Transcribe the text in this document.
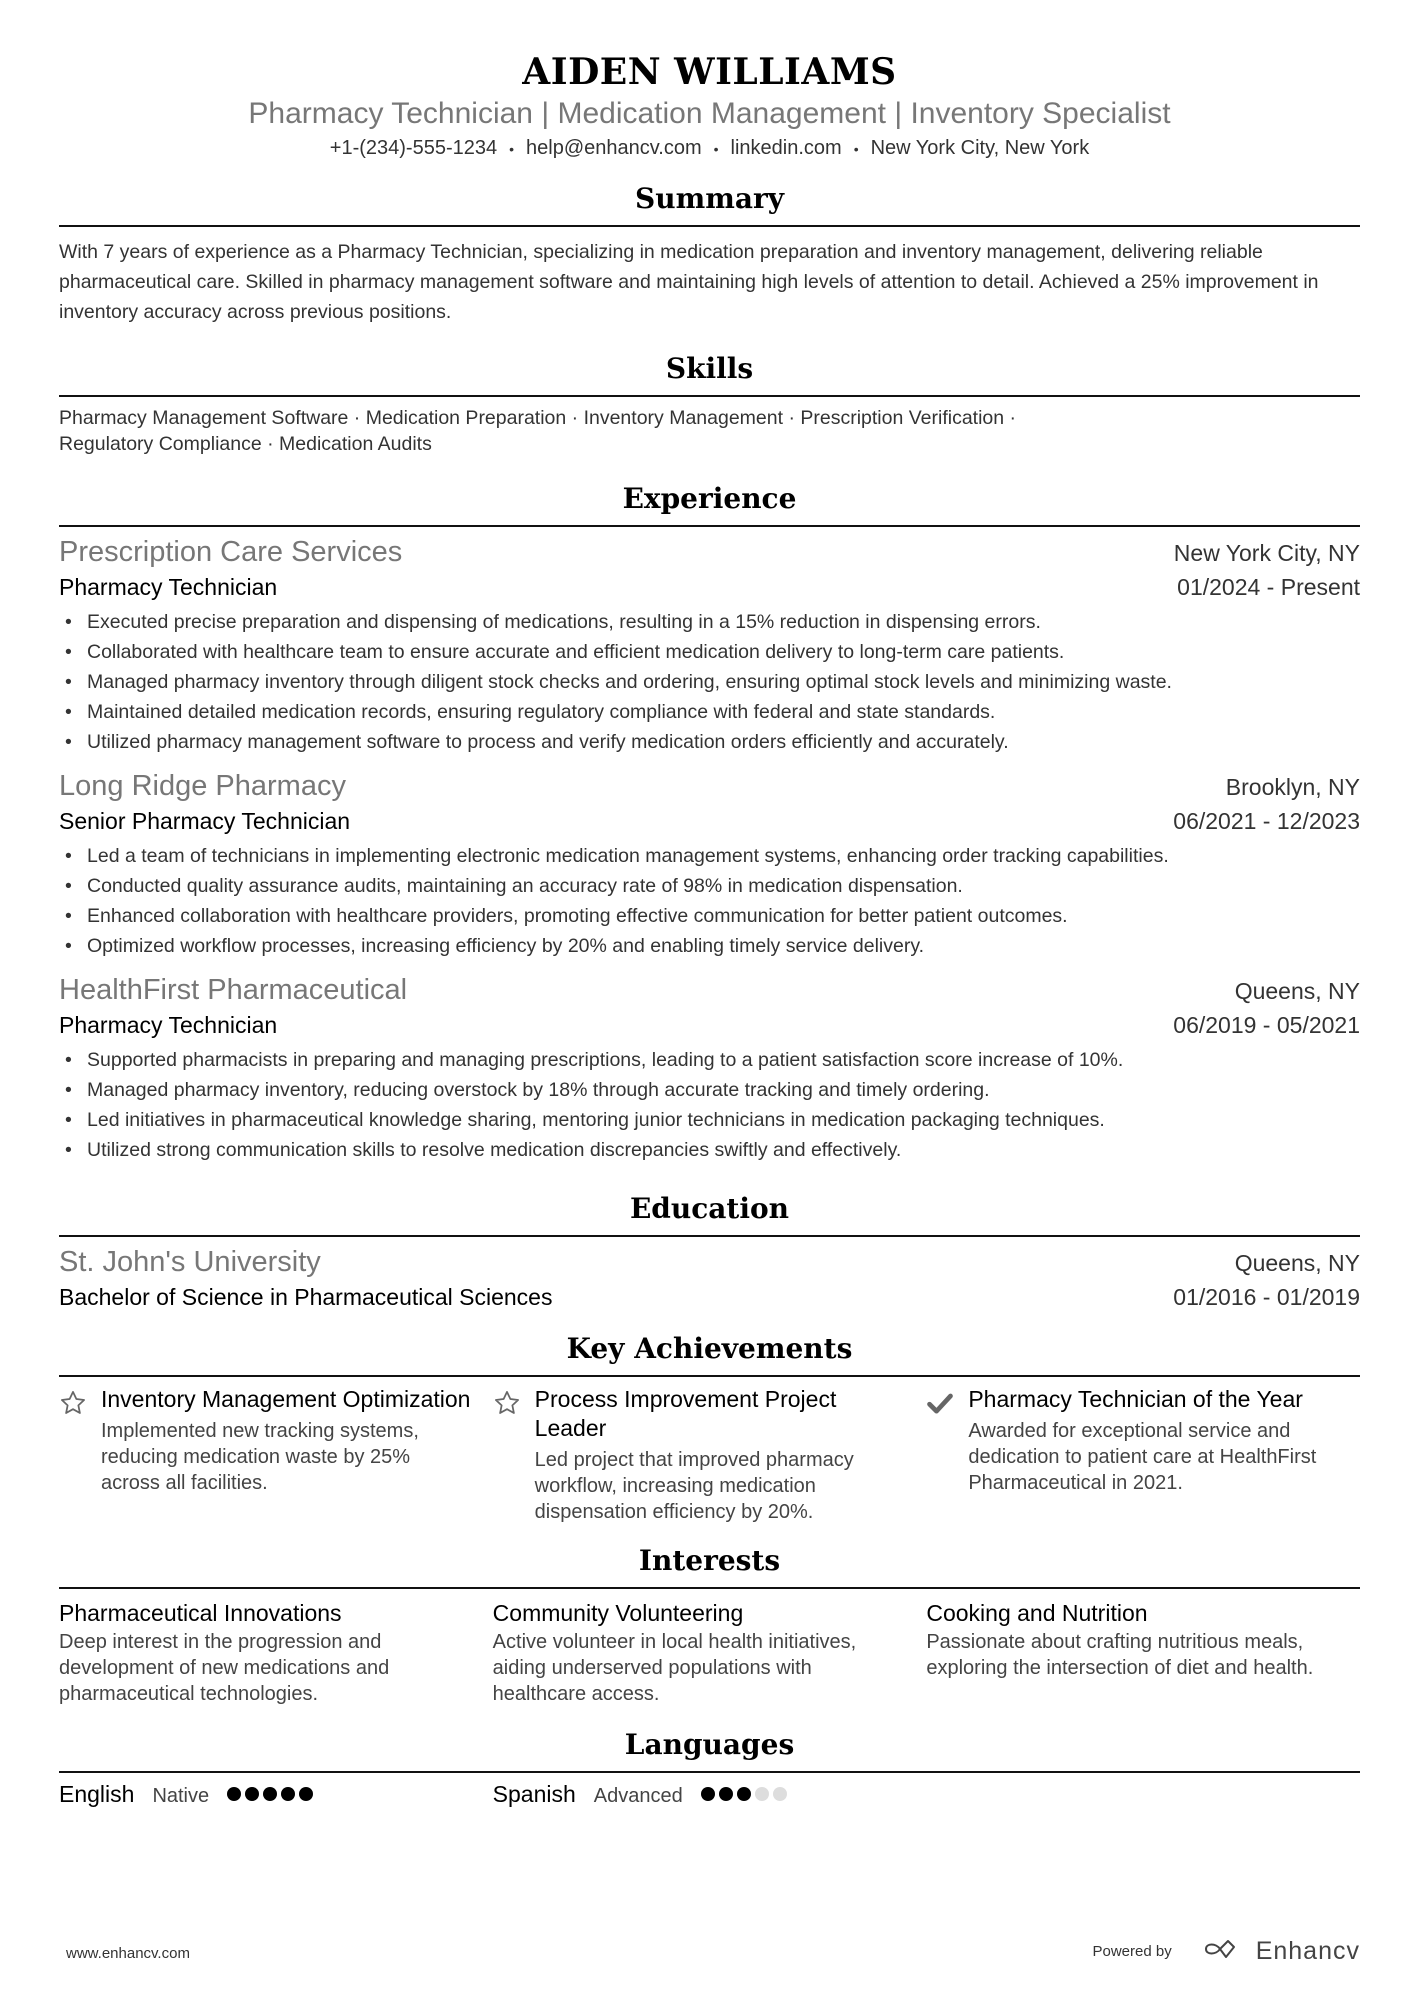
AIDEN WILLIAMS
Pharmacy Technician | Medication Management | Inventory Specialist
+1-(234)-555-1234 • help@enhancv.com • linkedin.com • New York City, New York
Summary
With 7 years of experience as a Pharmacy Technician, specializing in medication preparation and inventory management, delivering reliable pharmaceutical care. Skilled in pharmacy management software and maintaining high levels of attention to detail. Achieved a 25% improvement in inventory accuracy across previous positions.
Skills
Pharmacy Management Software · Medication Preparation · Inventory Management · Prescription Verification ·
Regulatory Compliance · Medication Audits
Experience
Prescription Care Services	New York City, NY
Pharmacy Technician	01/2024 - Present
• Executed precise preparation and dispensing of medications, resulting in a 15% reduction in dispensing errors.
• Collaborated with healthcare team to ensure accurate and efficient medication delivery to long-term care patients.
• Managed pharmacy inventory through diligent stock checks and ordering, ensuring optimal stock levels and minimizing waste.
• Maintained detailed medication records, ensuring regulatory compliance with federal and state standards.
• Utilized pharmacy management software to process and verify medication orders efficiently and accurately.
Long Ridge Pharmacy	Brooklyn, NY
Senior Pharmacy Technician	06/2021 - 12/2023
• Led a team of technicians in implementing electronic medication management systems, enhancing order tracking capabilities.
• Conducted quality assurance audits, maintaining an accuracy rate of 98% in medication dispensation.
• Enhanced collaboration with healthcare providers, promoting effective communication for better patient outcomes.
• Optimized workflow processes, increasing efficiency by 20% and enabling timely service delivery.
HealthFirst Pharmaceutical	Queens, NY
Pharmacy Technician	06/2019 - 05/2021
• Supported pharmacists in preparing and managing prescriptions, leading to a patient satisfaction score increase of 10%.
• Managed pharmacy inventory, reducing overstock by 18% through accurate tracking and timely ordering.
• Led initiatives in pharmaceutical knowledge sharing, mentoring junior technicians in medication packaging techniques.
• Utilized strong communication skills to resolve medication discrepancies swiftly and effectively.
Education
St. John's University	Queens, NY
Bachelor of Science in Pharmaceutical Sciences	01/2016 - 01/2019
Key Achievements
Inventory Management Optimization
Implemented new tracking systems, reducing medication waste by 25% across all facilities.
Process Improvement Project Leader
Led project that improved pharmacy workflow, increasing medication dispensation efficiency by 20%.
Pharmacy Technician of the Year
Awarded for exceptional service and dedication to patient care at HealthFirst Pharmaceutical in 2021.
Interests
Pharmaceutical Innovations
Deep interest in the progression and development of new medications and pharmaceutical technologies.
Community Volunteering
Active volunteer in local health initiatives, aiding underserved populations with healthcare access.
Cooking and Nutrition
Passionate about crafting nutritious meals, exploring the intersection of diet and health.
Languages
English Native	Spanish Advanced
www.enhancv.com	Powered by	Enhancv
